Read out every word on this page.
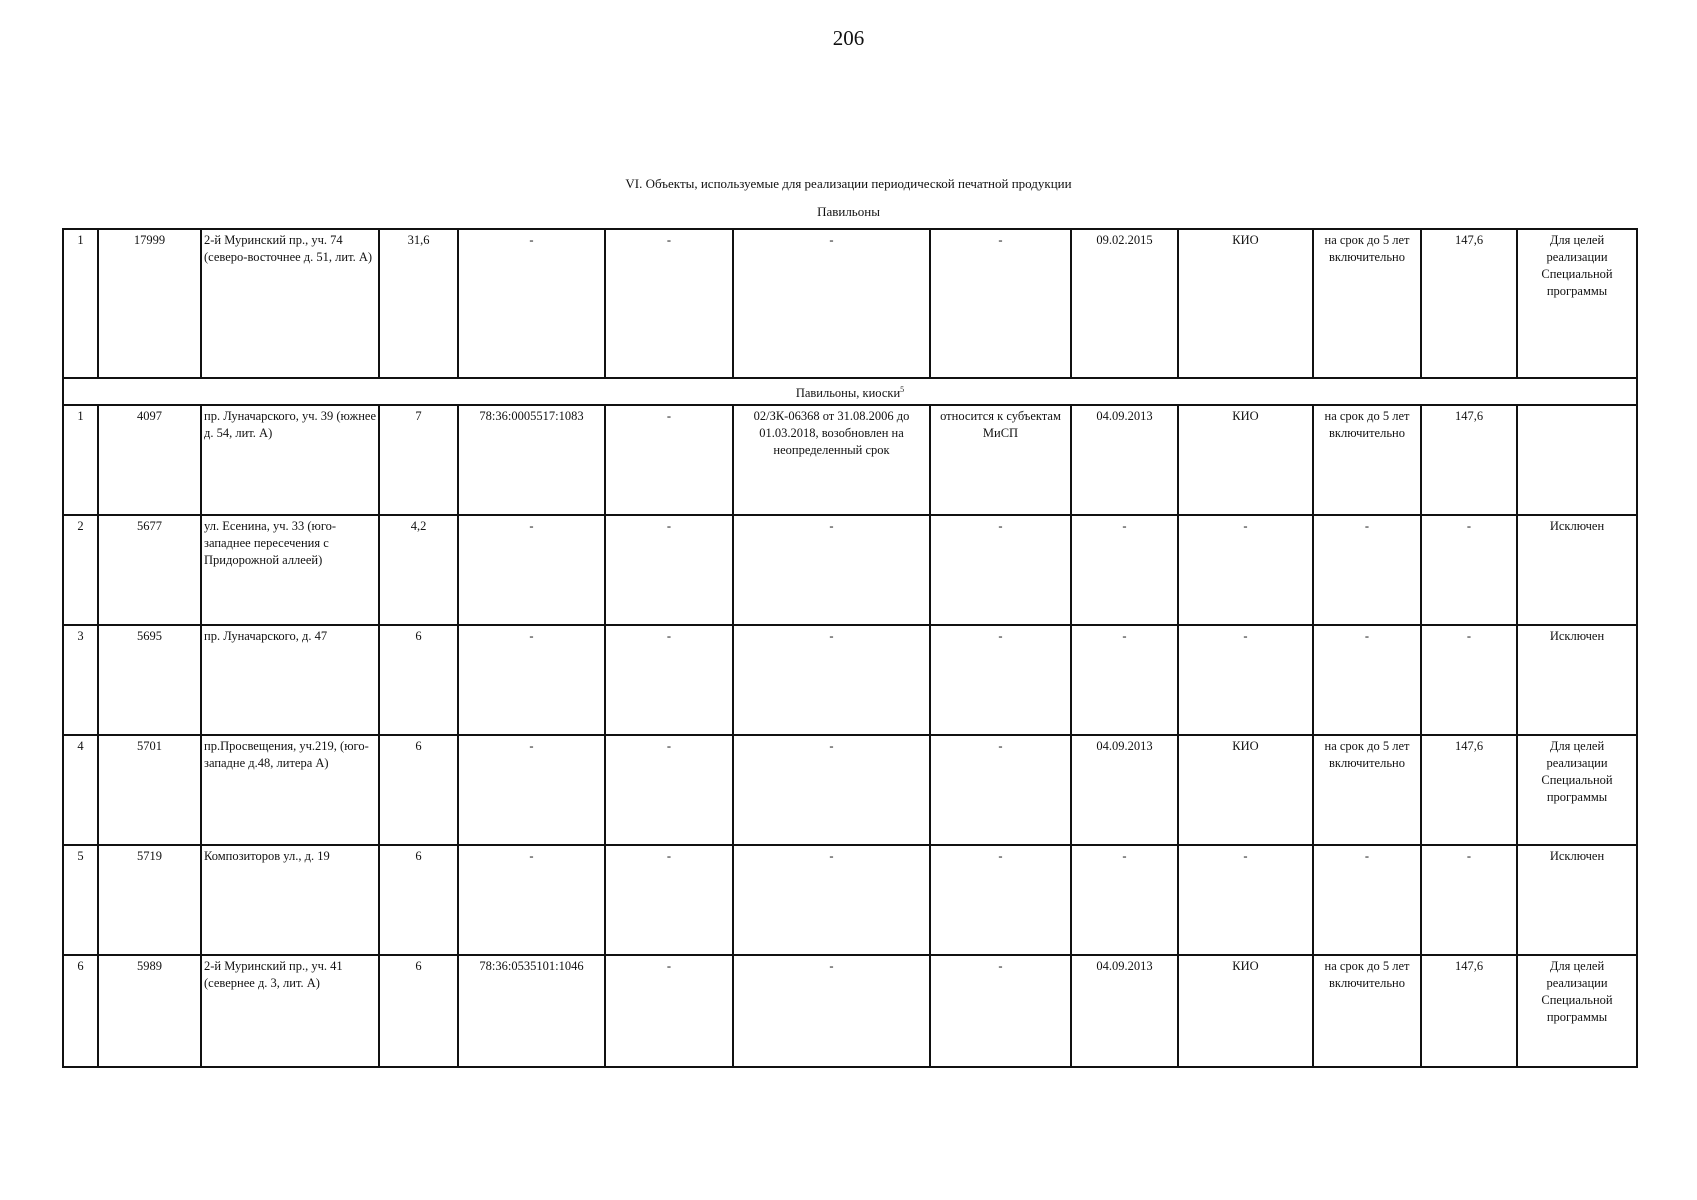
206
VI. Объекты, используемые для реализации периодической печатной продукции
Павильоны
1	17999	2-й Муринский пр., уч. 74 (северо-восточнее д. 51, лит. А)	31,6	-	-	-	-	09.02.2015	КИО	на срок до 5 лет включительно	147,6	Для целей реализации Специальной программы
Павильоны, киоски$^5$
1	4097	пр. Луначарского, уч. 39 (южнее д. 54, лит. А)	7	78:36:0005517:1083	-	02/ЗК-06368 от 31.08.2006 до 01.03.2018, возобновлен на неопределенный срок	относится к субъектам МиСП	04.09.2013	КИО	на срок до 5 лет включительно	147,6	
2	5677	ул. Есенина, уч. 33 (юго-западнее пересечения с Придорожной аллеей)	4,2	-	-	-	-	-	-	-	-	Исключен
3	5695	пр. Луначарского, д. 47	6	-	-	-	-	-	-	-	-	Исключен
4	5701	пр.Просвещения, уч.219, (юго-западне д.48, литера А)	6	-	-	-	-	04.09.2013	КИО	на срок до 5 лет включительно	147,6	Для целей реализации Специальной программы
5	5719	Композиторов ул., д. 19	6	-	-	-	-	-	-	-	-	Исключен
6	5989	2-й Муринский пр., уч. 41 (севернее д. 3, лит. А)	6	78:36:0535101:1046	-	-	-	04.09.2013	КИО	на срок до 5 лет включительно	147,6	Для целей реализации Специальной программы
